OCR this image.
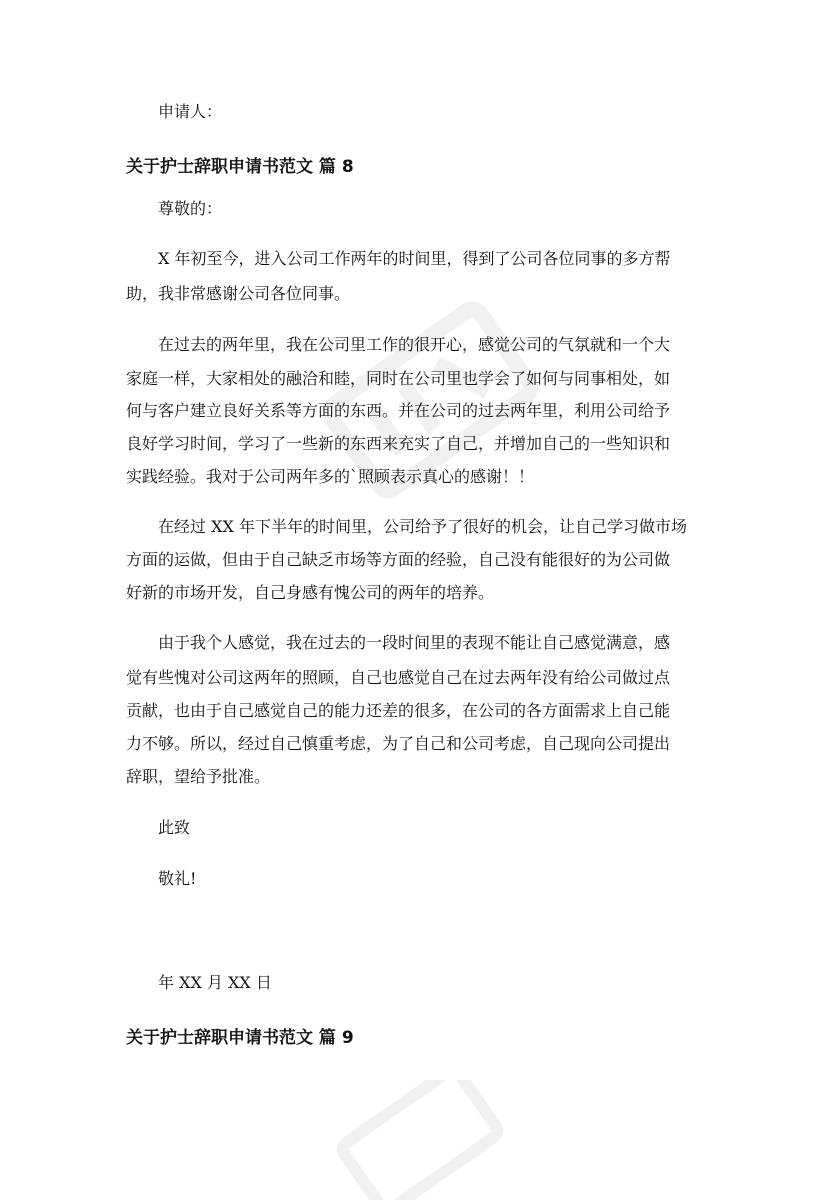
申请人：
关于护士辞职申请书范文 篇 8
尊敬的：
X 年初至今，进入公司工作两年的时间里，得到了公司各位同事的多方帮
助，我非常感谢公司各位同事。
在过去的两年里，我在公司里工作的很开心，感觉公司的气氛就和一个大
家庭一样，大家相处的融洽和睦，同时在公司里也学会了如何与同事相处，如
何与客户建立良好关系等方面的东西。并在公司的过去两年里，利用公司给予
良好学习时间，学习了一些新的东西来充实了自己，并增加自己的一些知识和
实践经验。我对于公司两年多的`照顾表示真心的感谢！！
在经过 XX 年下半年的时间里，公司给予了很好的机会，让自己学习做市场
方面的运做，但由于自己缺乏市场等方面的经验，自己没有能很好的为公司做
好新的市场开发，自己身感有愧公司的两年的培养。
由于我个人感觉，我在过去的一段时间里的表现不能让自己感觉满意，感
觉有些愧对公司这两年的照顾，自己也感觉自己在过去两年没有给公司做过点
贡献，也由于自己感觉自己的能力还差的很多，在公司的各方面需求上自己能
力不够。所以，经过自己慎重考虑，为了自己和公司考虑，自己现向公司提出
辞职，望给予批准。
此致
敬礼!
年 XX 月 XX 日
关于护士辞职申请书范文 篇 9
